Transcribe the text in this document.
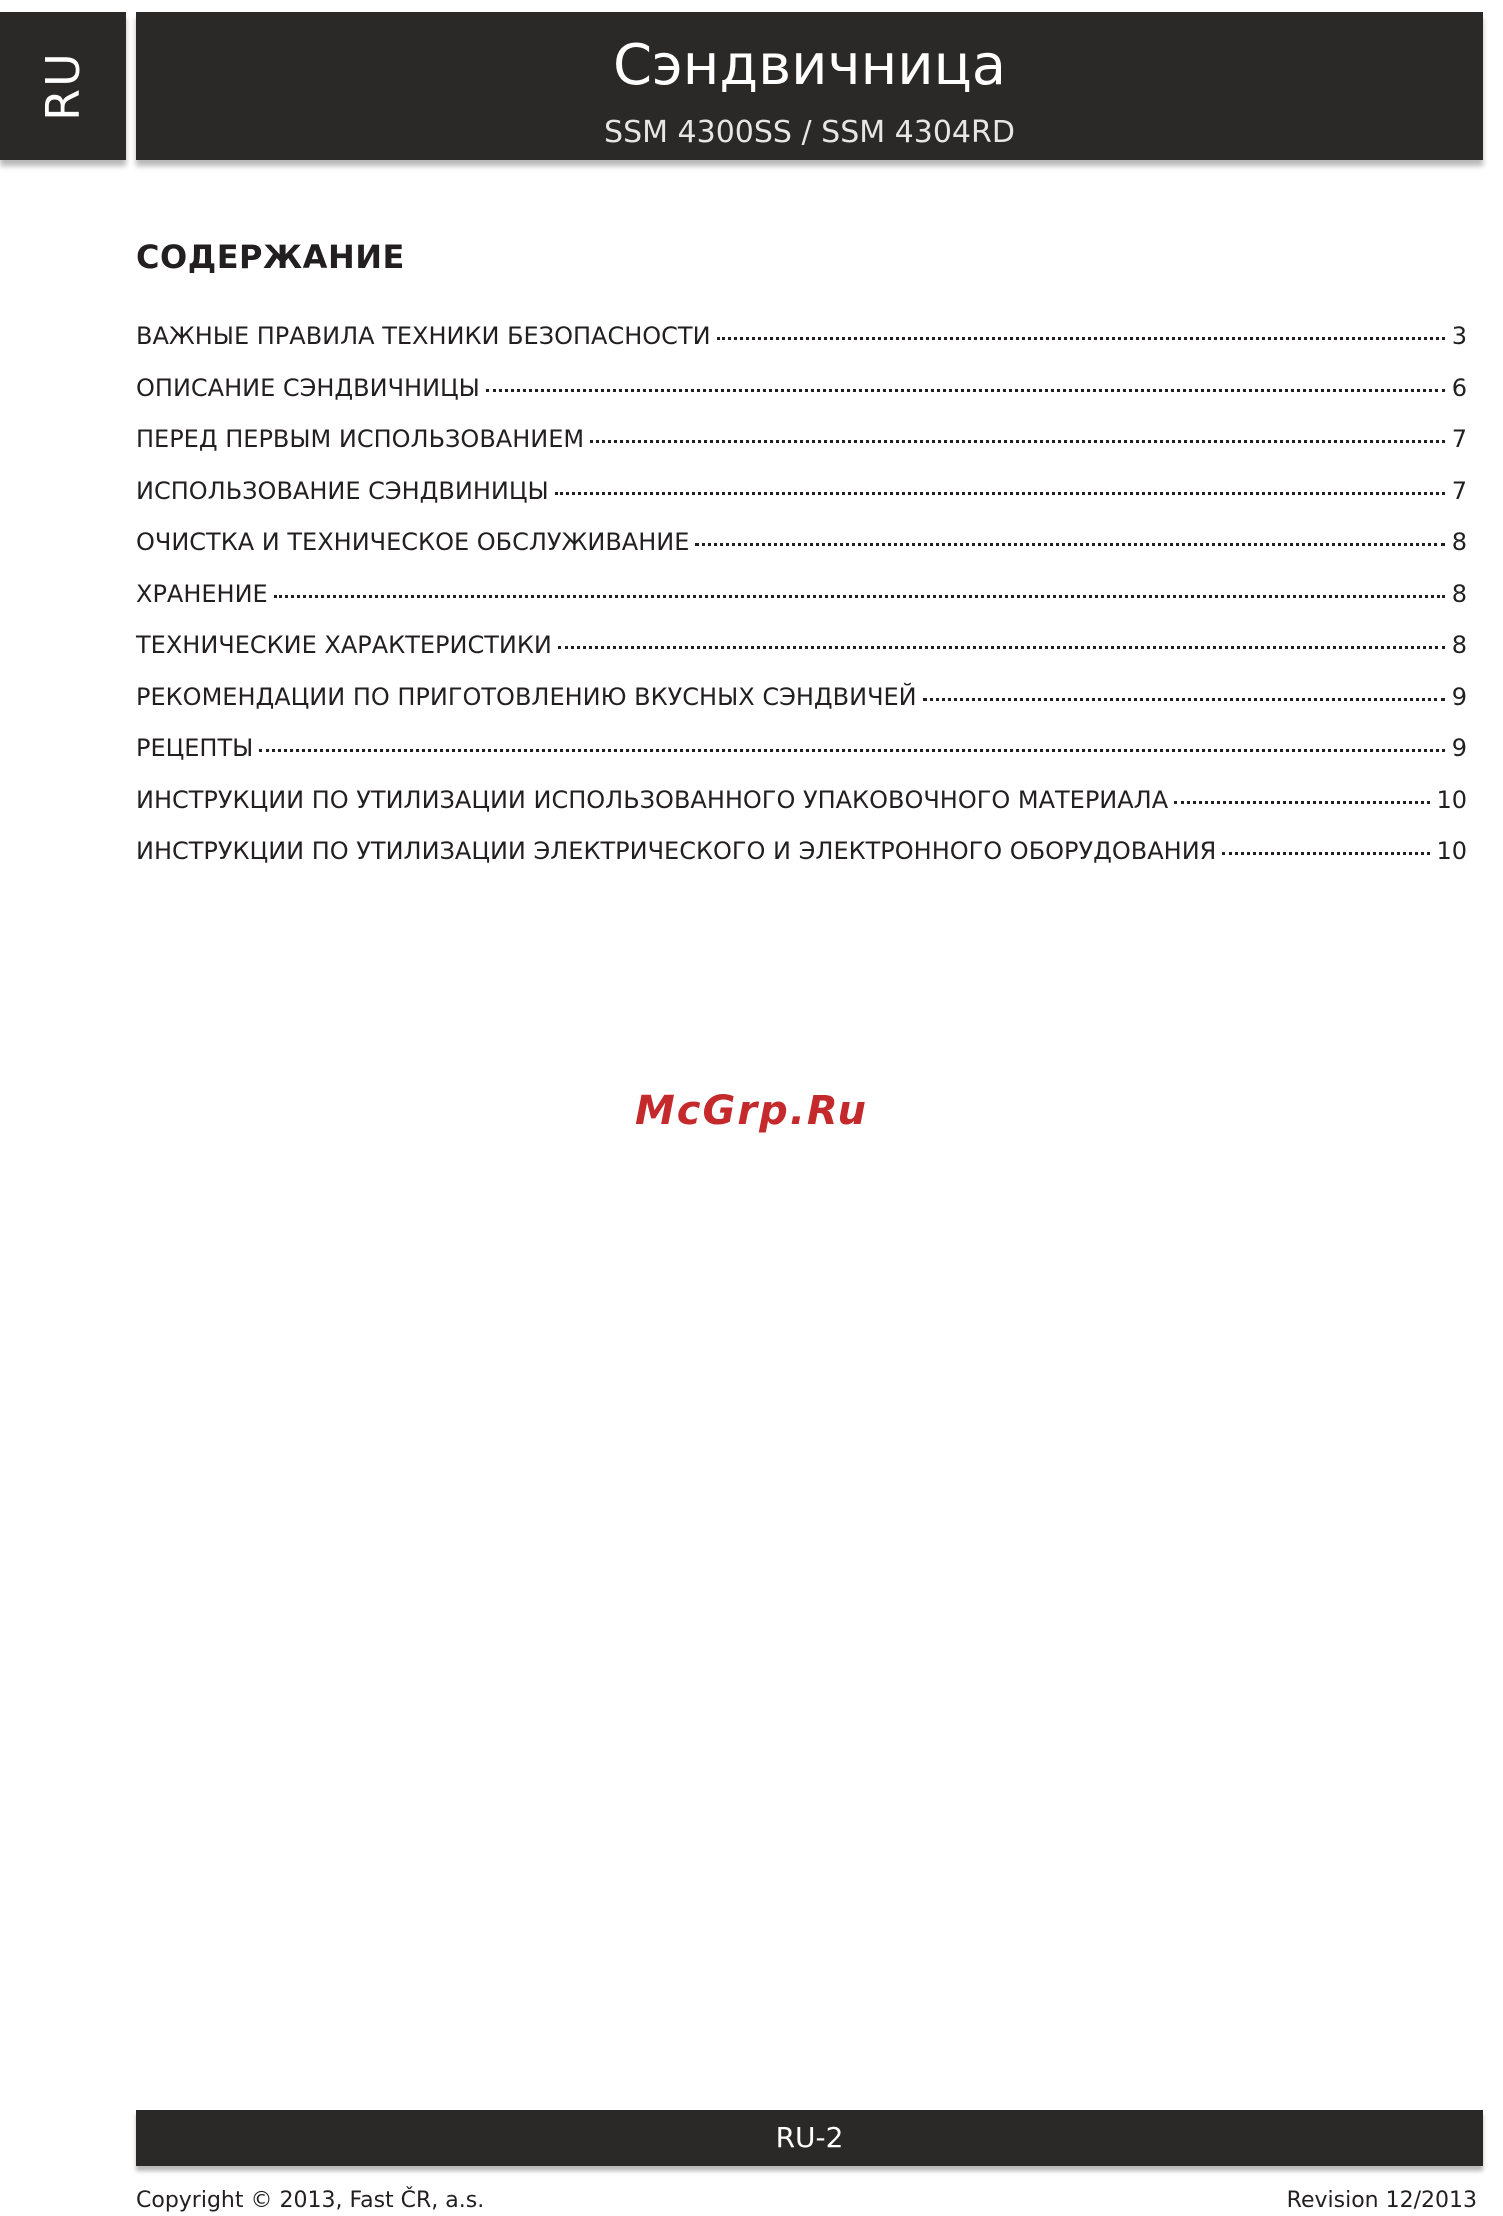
RU	Сэндвичница
SSM 4300SS / SSM 4304RD
СОДЕРЖАНИЕ
ВАЖНЫЕ ПРАВИЛА ТЕХНИКИ БЕЗОПАСНОСТИ	3
ОПИСАНИЕ СЭНДВИЧНИЦЫ	6
ПЕРЕД ПЕРВЫМ ИСПОЛЬЗОВАНИЕМ	7
ИСПОЛЬЗОВАНИЕ СЭНДВИНИЦЫ	7
ОЧИСТКА И ТЕХНИЧЕСКОЕ ОБСЛУЖИВАНИЕ	8
ХРАНЕНИЕ	8
ТЕХНИЧЕСКИЕ ХАРАКТЕРИСТИКИ	8
РЕКОМЕНДАЦИИ ПО ПРИГОТОВЛЕНИЮ ВКУСНЫХ СЭНДВИЧЕЙ	9
РЕЦЕПТЫ	9
ИНСТРУКЦИИ ПО УТИЛИЗАЦИИ ИСПОЛЬЗОВАННОГО УПАКОВОЧНОГО МАТЕРИАЛА	10
ИНСТРУКЦИИ ПО УТИЛИЗАЦИИ ЭЛЕКТРИЧЕСКОГО И ЭЛЕКТРОННОГО ОБОРУДОВАНИЯ	10
McGrp.Ru
RU-2
Copyright © 2013, Fast ČR, a.s.	Revision 12/2013
